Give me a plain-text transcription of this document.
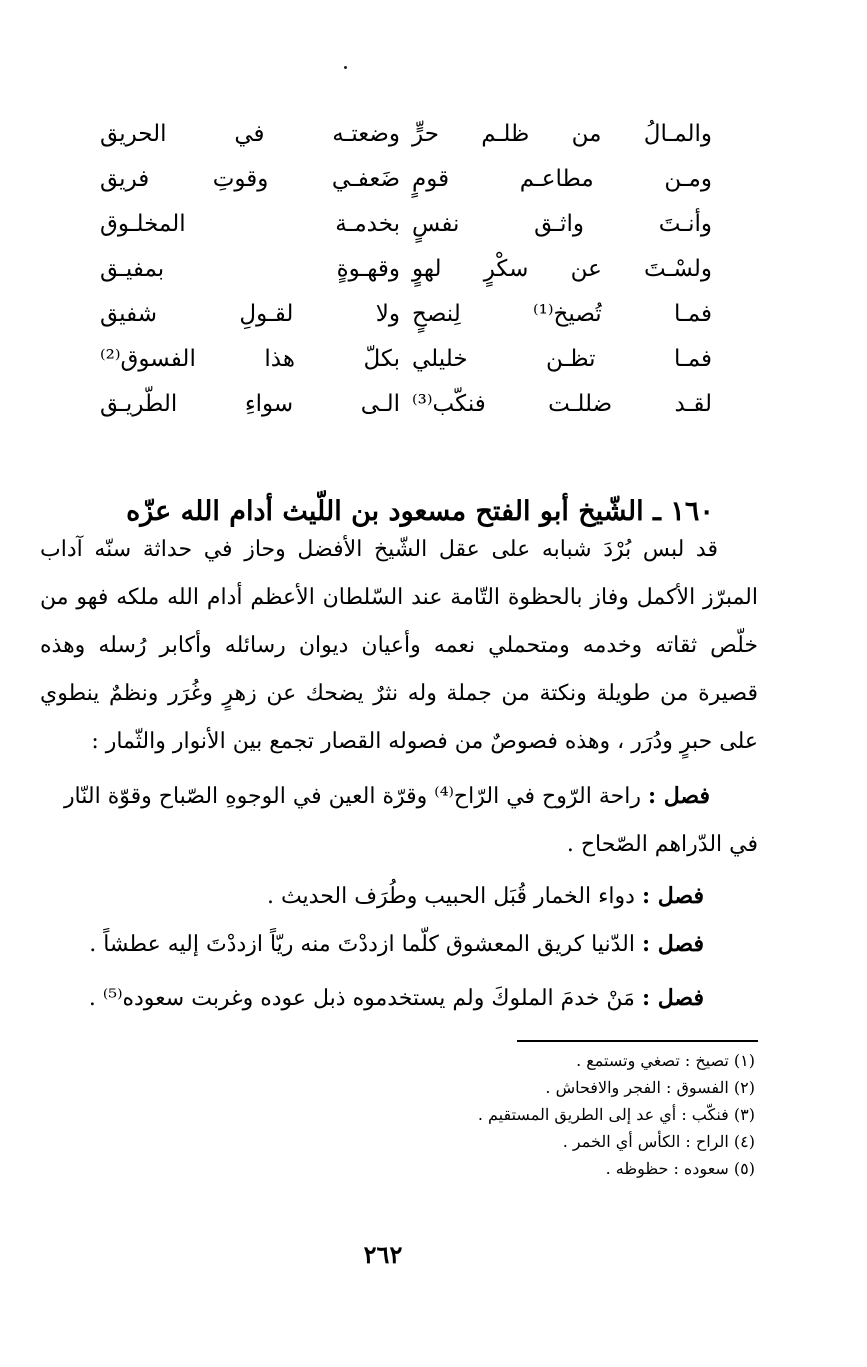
والمـالُ
من
ظلـم
حرٍّ
وضعتـه
في
الحريق
ومـن
مطاعـم
قومٍ
ضَعفـي
وقوتِ
فريق
وأنـتَ
واثـق
نفسٍ
بخدمـة
المخلـوق
ولسْـتَ
عن
سكْرٍ
لهوٍ
وقهـوةٍ
بمفيـق
فمـا
تُصيخ⁽¹⁾
لِنصحٍ
ولا
لقـولِ
شفيق
فمـا
تظـن
خليلي
بكلّ
هذا
الفسوق⁽²⁾
لقـد
ضللـت
فنكّب⁽³⁾
الـى
سواءِ
الطّريـق
١٦٠ ـ الشّيخ أبو الفتح مسعود بن اللّيث أدام الله عزّه

قد لبس بُرْدَ شبابه على عقل الشّيخ الأفضل وحاز في حداثة سنّه آداب المبرّز الأكمل وفاز بالحظوة التّامة عند السّلطان الأعظم أدام الله ملكه فهو من خلّص ثقاته وخدمه ومتحملي نعمه وأعيان ديوان رسائله وأكابر رُسله وهذه قصيرة من طويلة ونكتة من جملة وله نثرٌ يضحك عن زهرٍ وغُرَر ونظمٌ ينطوي على حبرٍ ودُرَر ، وهذه فصوصٌ من فصوله القصار تجمع بين الأنوار والثّمار :

فصل : راحة الرّوح في الرّاح⁽⁴⁾ وقرّة العين في الوجوهِ الصّباح وقوّة النّار في الدّراهم الصّحاح .

فصل : دواء الخمار قُبَل الحبيب وطُرَف الحديث .

فصل : الدّنيا كريق المعشوق كلّما ازددْتَ منه ريّاً ازددْتَ إليه عطشاً .

فصل : مَنْ خدمَ الملوكَ ولم يستخدموه ذبل عوده وغربت سعوده⁽⁵⁾ .

(١) تصيخ : تصغي وتستمع .
(٢) الفسوق : الفجر والافحاش .
(٣) فنكّب : أي عد إلى الطريق المستقيم .
(٤) الراح : الكأس أي الخمر .
(٥) سعوده : حظوظه .
٢٦٢
